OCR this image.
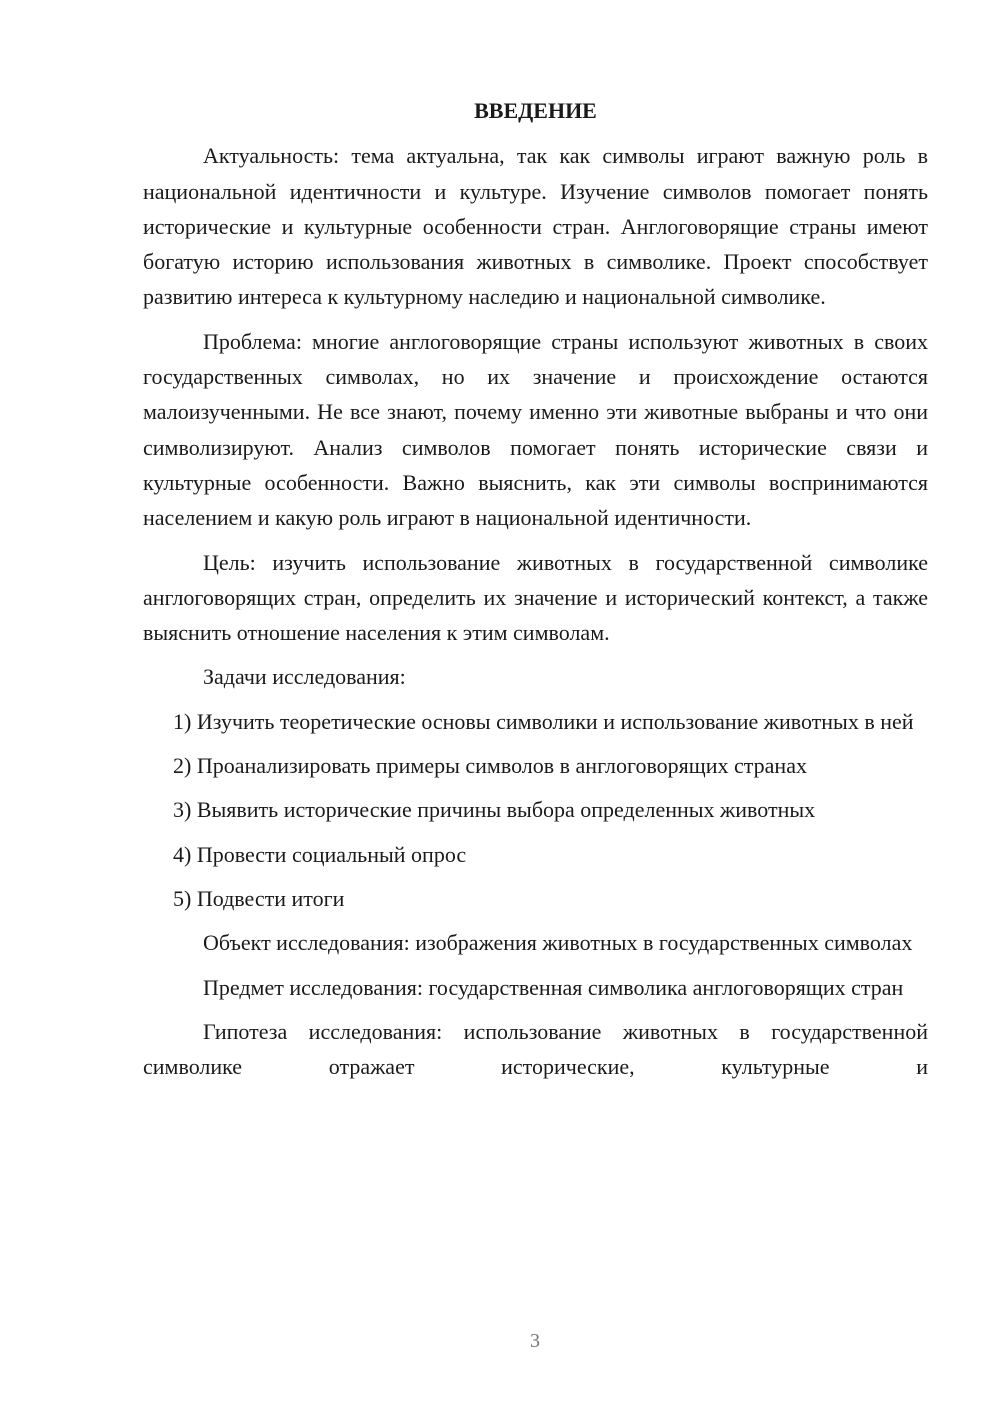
ВВЕДЕНИЕ

Актуальность: тема актуальна, так как символы играют важную роль в национальной идентичности и культуре. Изучение символов помогает понять исторические и культурные особенности стран. Англоговорящие страны имеют богатую историю использования животных в символике. Проект способствует развитию интереса к культурному наследию и национальной символике.

Проблема: многие англоговорящие страны используют животных в своих государственных символах, но их значение и происхождение остаются малоизученными. Не все знают, почему именно эти животные выбраны и что они символизируют. Анализ символов помогает понять исторические связи и культурные особенности. Важно выяснить, как эти символы воспринимаются населением и какую роль играют в национальной идентичности.

Цель: изучить использование животных в государственной символике англоговорящих стран, определить их значение и исторический контекст, а также выяснить отношение населения к этим символам.

Задачи исследования:

1) Изучить теоретические основы символики и использование животных в ней

2) Проанализировать примеры символов в англоговорящих странах

3) Выявить исторические причины выбора определенных животных

4) Провести социальный опрос

5) Подвести итоги

Объект исследования: изображения животных в государственных символах

Предмет исследования: государственная символика англоговорящих стран

Гипотеза исследования: использование животных в государственной символике отражает исторические, культурные и

3
